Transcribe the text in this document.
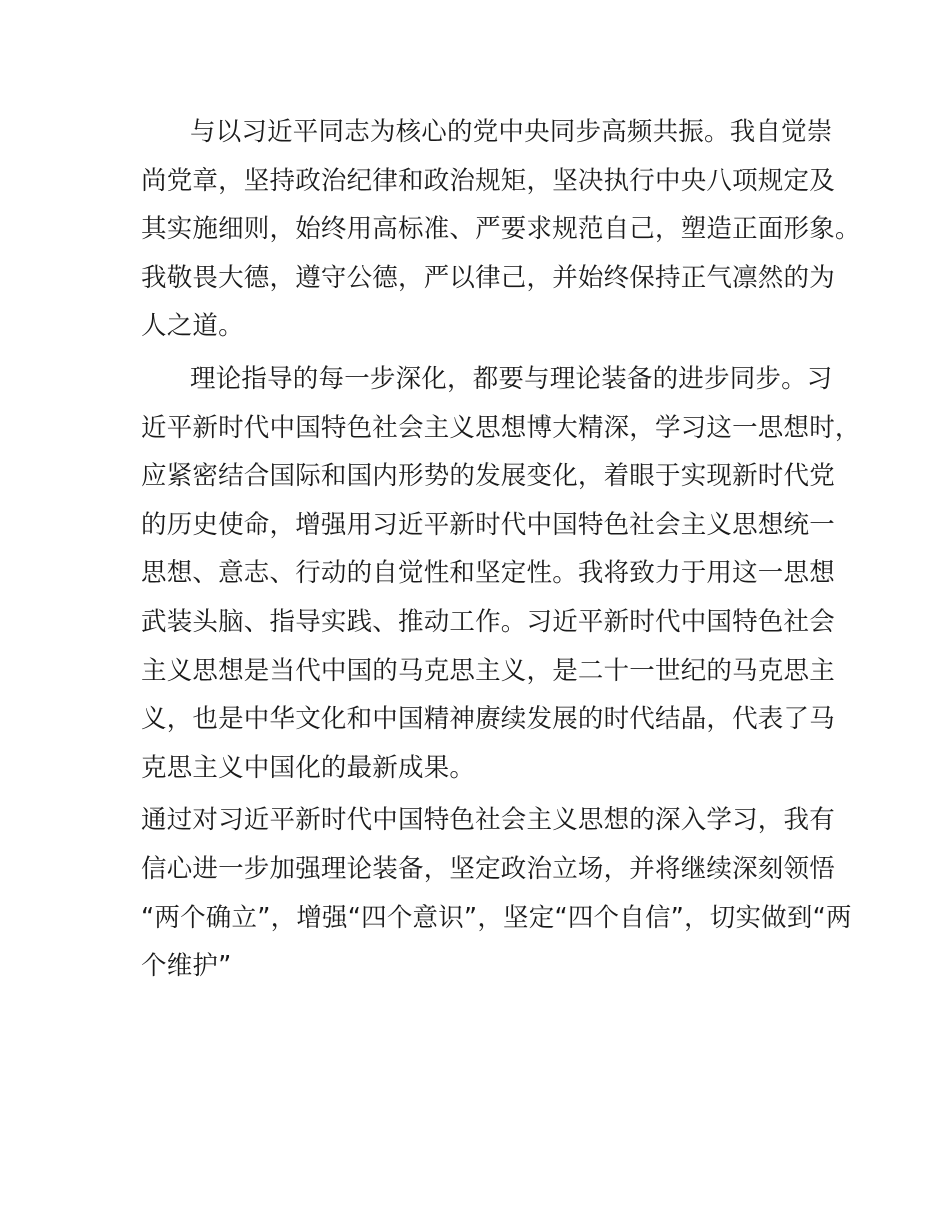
与以习近平同志为核心的党中央同步高频共振。我自觉崇
尚党章，坚持政治纪律和政治规矩，坚决执行中央八项规定及
其实施细则，始终用高标准、严要求规范自己，塑造正面形象。
我敬畏大德，遵守公德，严以律己，并始终保持正气凛然的为
人之道。

理论指导的每一步深化，都要与理论装备的进步同步。习
近平新时代中国特色社会主义思想博大精深，学习这一思想时，
应紧密结合国际和国内形势的发展变化，着眼于实现新时代党
的历史使命，增强用习近平新时代中国特色社会主义思想统一
思想、意志、行动的自觉性和坚定性。我将致力于用这一思想
武装头脑、指导实践、推动工作。习近平新时代中国特色社会
主义思想是当代中国的马克思主义，是二十一世纪的马克思主
义，也是中华文化和中国精神赓续发展的时代结晶，代表了马
克思主义中国化的最新成果。

通过对习近平新时代中国特色社会主义思想的深入学习，我有
信心进一步加强理论装备，坚定政治立场，并将继续深刻领悟
“两个确立”，增强“四个意识”，坚定“四个自信”，切实做到“两
个维护”
